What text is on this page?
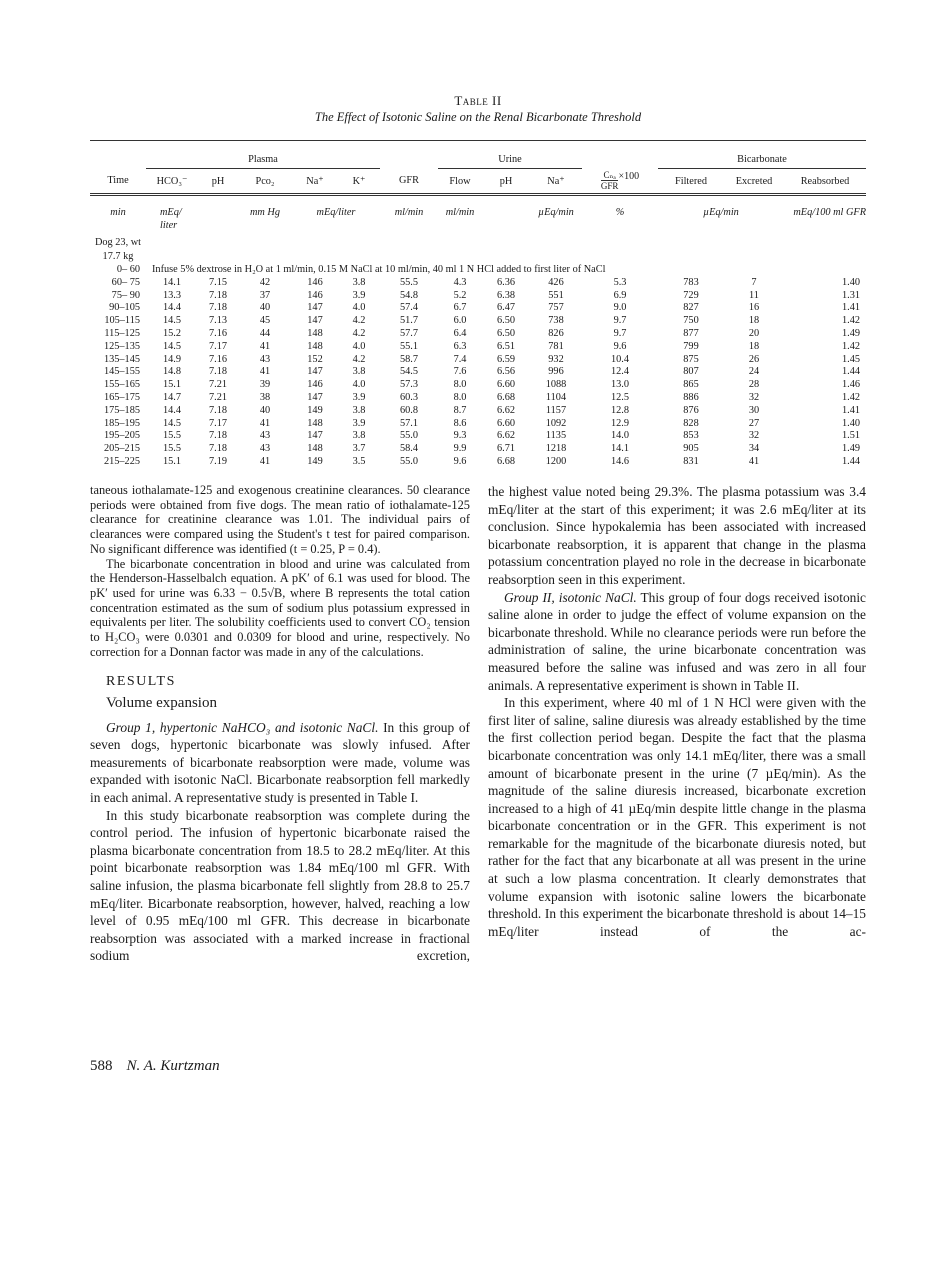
Table II
The Effect of Isotonic Saline on the Renal Bicarbonate Threshold

	Plasma						Urine				Bicarbonate		
Time	HCO₃⁻	pH	Pco₂	Na⁺	K⁺	GFR	Flow	pH	Na⁺	$\frac{\text{Cₙₐ}}{\text{GFR}} \times 100$	Filtered	Excreted	Reabsorbed
min	mEq/ liter		mm Hg	mEq/liter		ml/min	ml/min		µEq/min	%	µEq/min		mEq/100 ml GFR
Dog 23, wt 17.7 kg													
0– 60	Infuse 5% dextrose in H₂O at 1 ml/min, 0.15 M NaCl at 10 ml/min, 40 ml 1 N HCl added to first liter of NaCl												
60– 75	14.1	7.15	42	146	3.8	55.5	4.3	6.36	426	5.3	783	7	1.40
75– 90	13.3	7.18	37	146	3.9	54.8	5.2	6.38	551	6.9	729	11	1.31
90–105	14.4	7.18	40	147	4.0	57.4	6.7	6.47	757	9.0	827	16	1.41
105–115	14.5	7.13	45	147	4.2	51.7	6.0	6.50	738	9.7	750	18	1.42
115–125	15.2	7.16	44	148	4.2	57.7	6.4	6.50	826	9.7	877	20	1.49
125–135	14.5	7.17	41	148	4.0	55.1	6.3	6.51	781	9.6	799	18	1.42
135–145	14.9	7.16	43	152	4.2	58.7	7.4	6.59	932	10.4	875	26	1.45
145–155	14.8	7.18	41	147	3.8	54.5	7.6	6.56	996	12.4	807	24	1.44
155–165	15.1	7.21	39	146	4.0	57.3	8.0	6.60	1088	13.0	865	28	1.46
165–175	14.7	7.21	38	147	3.9	60.3	8.0	6.68	1104	12.5	886	32	1.42
175–185	14.4	7.18	40	149	3.8	60.8	8.7	6.62	1157	12.8	876	30	1.41
185–195	14.5	7.17	41	148	3.9	57.1	8.6	6.60	1092	12.9	828	27	1.40
195–205	15.5	7.18	43	147	3.8	55.0	9.3	6.62	1135	14.0	853	32	1.51
205–215	15.5	7.18	43	148	3.7	58.4	9.9	6.71	1218	14.1	905	34	1.49
215–225	15.1	7.19	41	149	3.5	55.0	9.6	6.68	1200	14.6	831	41	1.44

taneous iothalamate-125 and exogenous creatinine clearances. 50 clearance periods were obtained from five dogs. The mean ratio of iothalamate-125 clearance for creatinine clearance was 1.01. The individual pairs of clearances were compared using the Student's t test for paired comparison. No significant difference was identified (t = 0.25, P = 0.4).

The bicarbonate concentration in blood and urine was calculated from the Henderson-Hasselbalch equation. A pK′ of 6.1 was used for blood. The pK′ used for urine was 6.33 − 0.5√B, where B represents the total cation concentration estimated as the sum of sodium plus potassium expressed in equivalents per liter. The solubility coefficients used to convert CO₂ tension to H₂CO₃ were 0.0301 and 0.0309 for blood and urine, respectively. No correction for a Donnan factor was made in any of the calculations.

RESULTS
Volume expansion

Group 1, hypertonic NaHCO₃ and isotonic NaCl. In this group of seven dogs, hypertonic bicarbonate was slowly infused. After measurements of bicarbonate reabsorption were made, volume was expanded with isotonic NaCl. Bicarbonate reabsorption fell markedly in each animal. A representative study is presented in Table I.

In this study bicarbonate reabsorption was complete during the control period. The infusion of hypertonic bicarbonate raised the plasma bicarbonate concentration from 18.5 to 28.2 mEq/liter. At this point bicarbonate reabsorption was 1.84 mEq/100 ml GFR. With saline infusion, the plasma bicarbonate fell slightly from 28.8 to 25.7 mEq/liter. Bicarbonate reabsorption, however, halved, reaching a low level of 0.95 mEq/100 ml GFR. This decrease in bicarbonate reabsorption was associated with a marked increase in fractional sodium excretion,

the highest value noted being 29.3%. The plasma potassium was 3.4 mEq/liter at the start of this experiment; it was 2.6 mEq/liter at its conclusion. Since hypokalemia has been associated with increased bicarbonate reabsorption, it is apparent that change in the plasma potassium concentration played no role in the decrease in bicarbonate reabsorption seen in this experiment.

Group II, isotonic NaCl. This group of four dogs received isotonic saline alone in order to judge the effect of volume expansion on the bicarbonate threshold. While no clearance periods were run before the administration of saline, the urine bicarbonate concentration was measured before the saline was infused and was zero in all four animals. A representative experiment is shown in Table II.

In this experiment, where 40 ml of 1 N HCl were given with the first liter of saline, saline diuresis was already established by the time the first collection period began. Despite the fact that the plasma bicarbonate concentration was only 14.1 mEq/liter, there was a small amount of bicarbonate present in the urine (7 µEq/min). As the magnitude of the saline diuresis increased, bicarbonate excretion increased to a high of 41 µEq/min despite little change in the plasma bicarbonate concentration or in the GFR. This experiment is not remarkable for the magnitude of the bicarbonate diuresis noted, but rather for the fact that any bicarbonate at all was present in the urine at such a low plasma concentration. It clearly demonstrates that volume expansion with isotonic saline lowers the bicarbonate threshold. In this experiment the bicarbonate threshold is about 14–15 mEq/liter instead of the ac-

588 N. A. Kurtzman
